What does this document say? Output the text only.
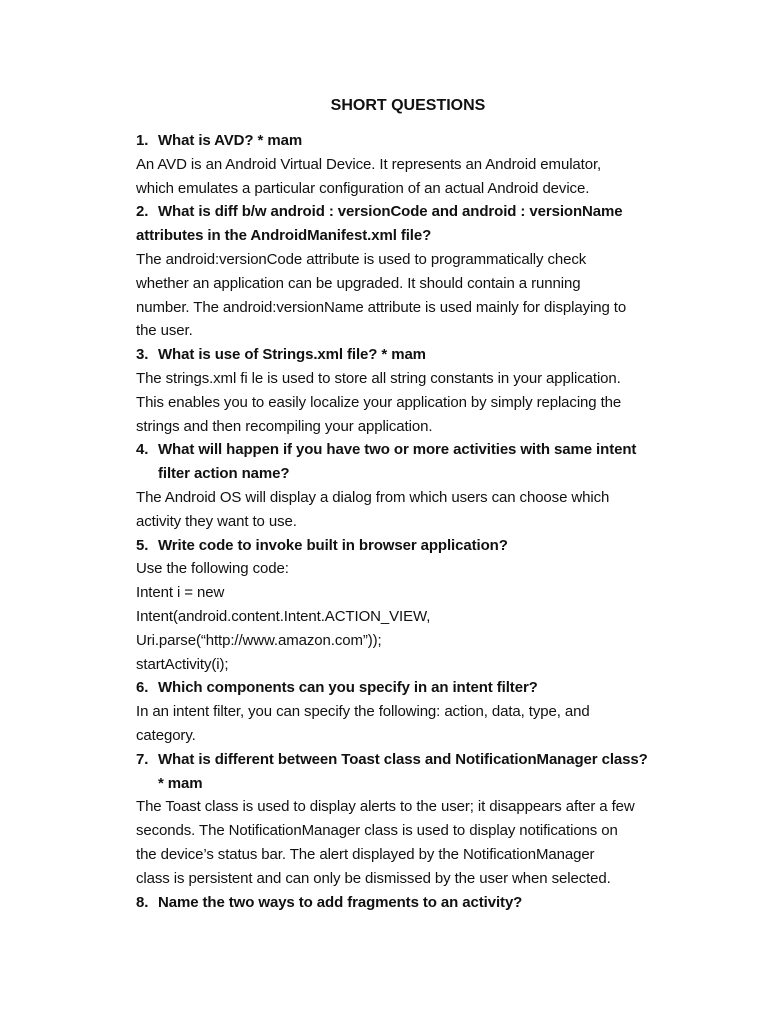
SHORT QUESTIONS
1. What is AVD? * mam
An AVD is an Android Virtual Device. It represents an Android emulator,
which emulates a particular configuration of an actual Android device.
2. What is diff b/w android : versionCode and android : versionName
attributes in the AndroidManifest.xml file?
The android:versionCode attribute is used to programmatically check
whether an application can be upgraded. It should contain a running
number. The android:versionName attribute is used mainly for displaying to
the user.
3. What is use of Strings.xml file? * mam
The strings.xml fi le is used to store all string constants in your application.
This enables you to easily localize your application by simply replacing the
strings and then recompiling your application.
4. What will happen if you have two or more activities with same intent
filter action name?
The Android OS will display a dialog from which users can choose which
activity they want to use.
5. Write code to invoke built in browser application?
Use the following code:
Intent i = new
Intent(android.content.Intent.ACTION_VIEW,
Uri.parse(“http://www.amazon.com”));
startActivity(i);
6. Which components can you specify in an intent filter?
In an intent filter, you can specify the following: action, data, type, and
category.
7. What is different between Toast class and NotificationManager class?
* mam
The Toast class is used to display alerts to the user; it disappears after a few
seconds. The NotificationManager class is used to display notifications on
the device’s status bar. The alert displayed by the NotificationManager
class is persistent and can only be dismissed by the user when selected.
8. Name the two ways to add fragments to an activity?
